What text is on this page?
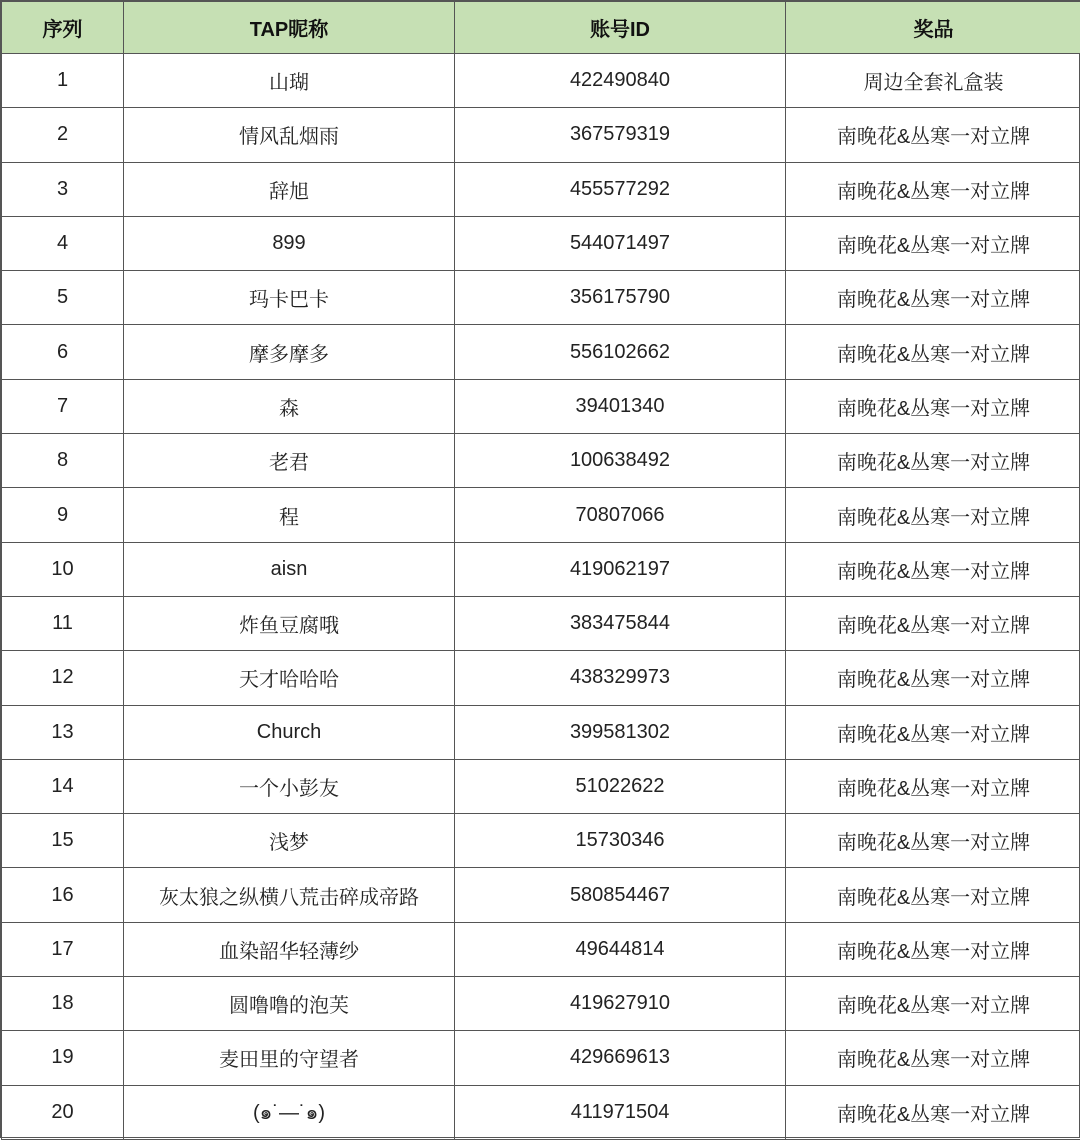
序列	TAP昵称	账号ID	奖品
1	山瑚	422490840	周边全套礼盒装
2	情风乱烟雨	367579319	南晚花&丛寒一对立牌
3	辞旭	455577292	南晚花&丛寒一对立牌
4	899	544071497	南晚花&丛寒一对立牌
5	玛卡巴卡	356175790	南晚花&丛寒一对立牌
6	摩多摩多	556102662	南晚花&丛寒一对立牌
7	森	39401340	南晚花&丛寒一对立牌
8	老君	100638492	南晚花&丛寒一对立牌
9	程	70807066	南晚花&丛寒一对立牌
10	aisn	419062197	南晚花&丛寒一对立牌
11	炸鱼豆腐哦	383475844	南晚花&丛寒一对立牌
12	天才哈哈哈	438329973	南晚花&丛寒一对立牌
13	Church	399581302	南晚花&丛寒一对立牌
14	一个小彭友	51022622	南晚花&丛寒一对立牌
15	浅梦	15730346	南晚花&丛寒一对立牌
16	灰太狼之纵横八荒击碎成帝路	580854467	南晚花&丛寒一对立牌
17	血染韶华轻薄纱	49644814	南晚花&丛寒一对立牌
18	圆噜噜的泡芙	419627910	南晚花&丛寒一对立牌
19	麦田里的守望者	429669613	南晚花&丛寒一对立牌
20	(๑˙—˙๑)	411971504	南晚花&丛寒一对立牌
